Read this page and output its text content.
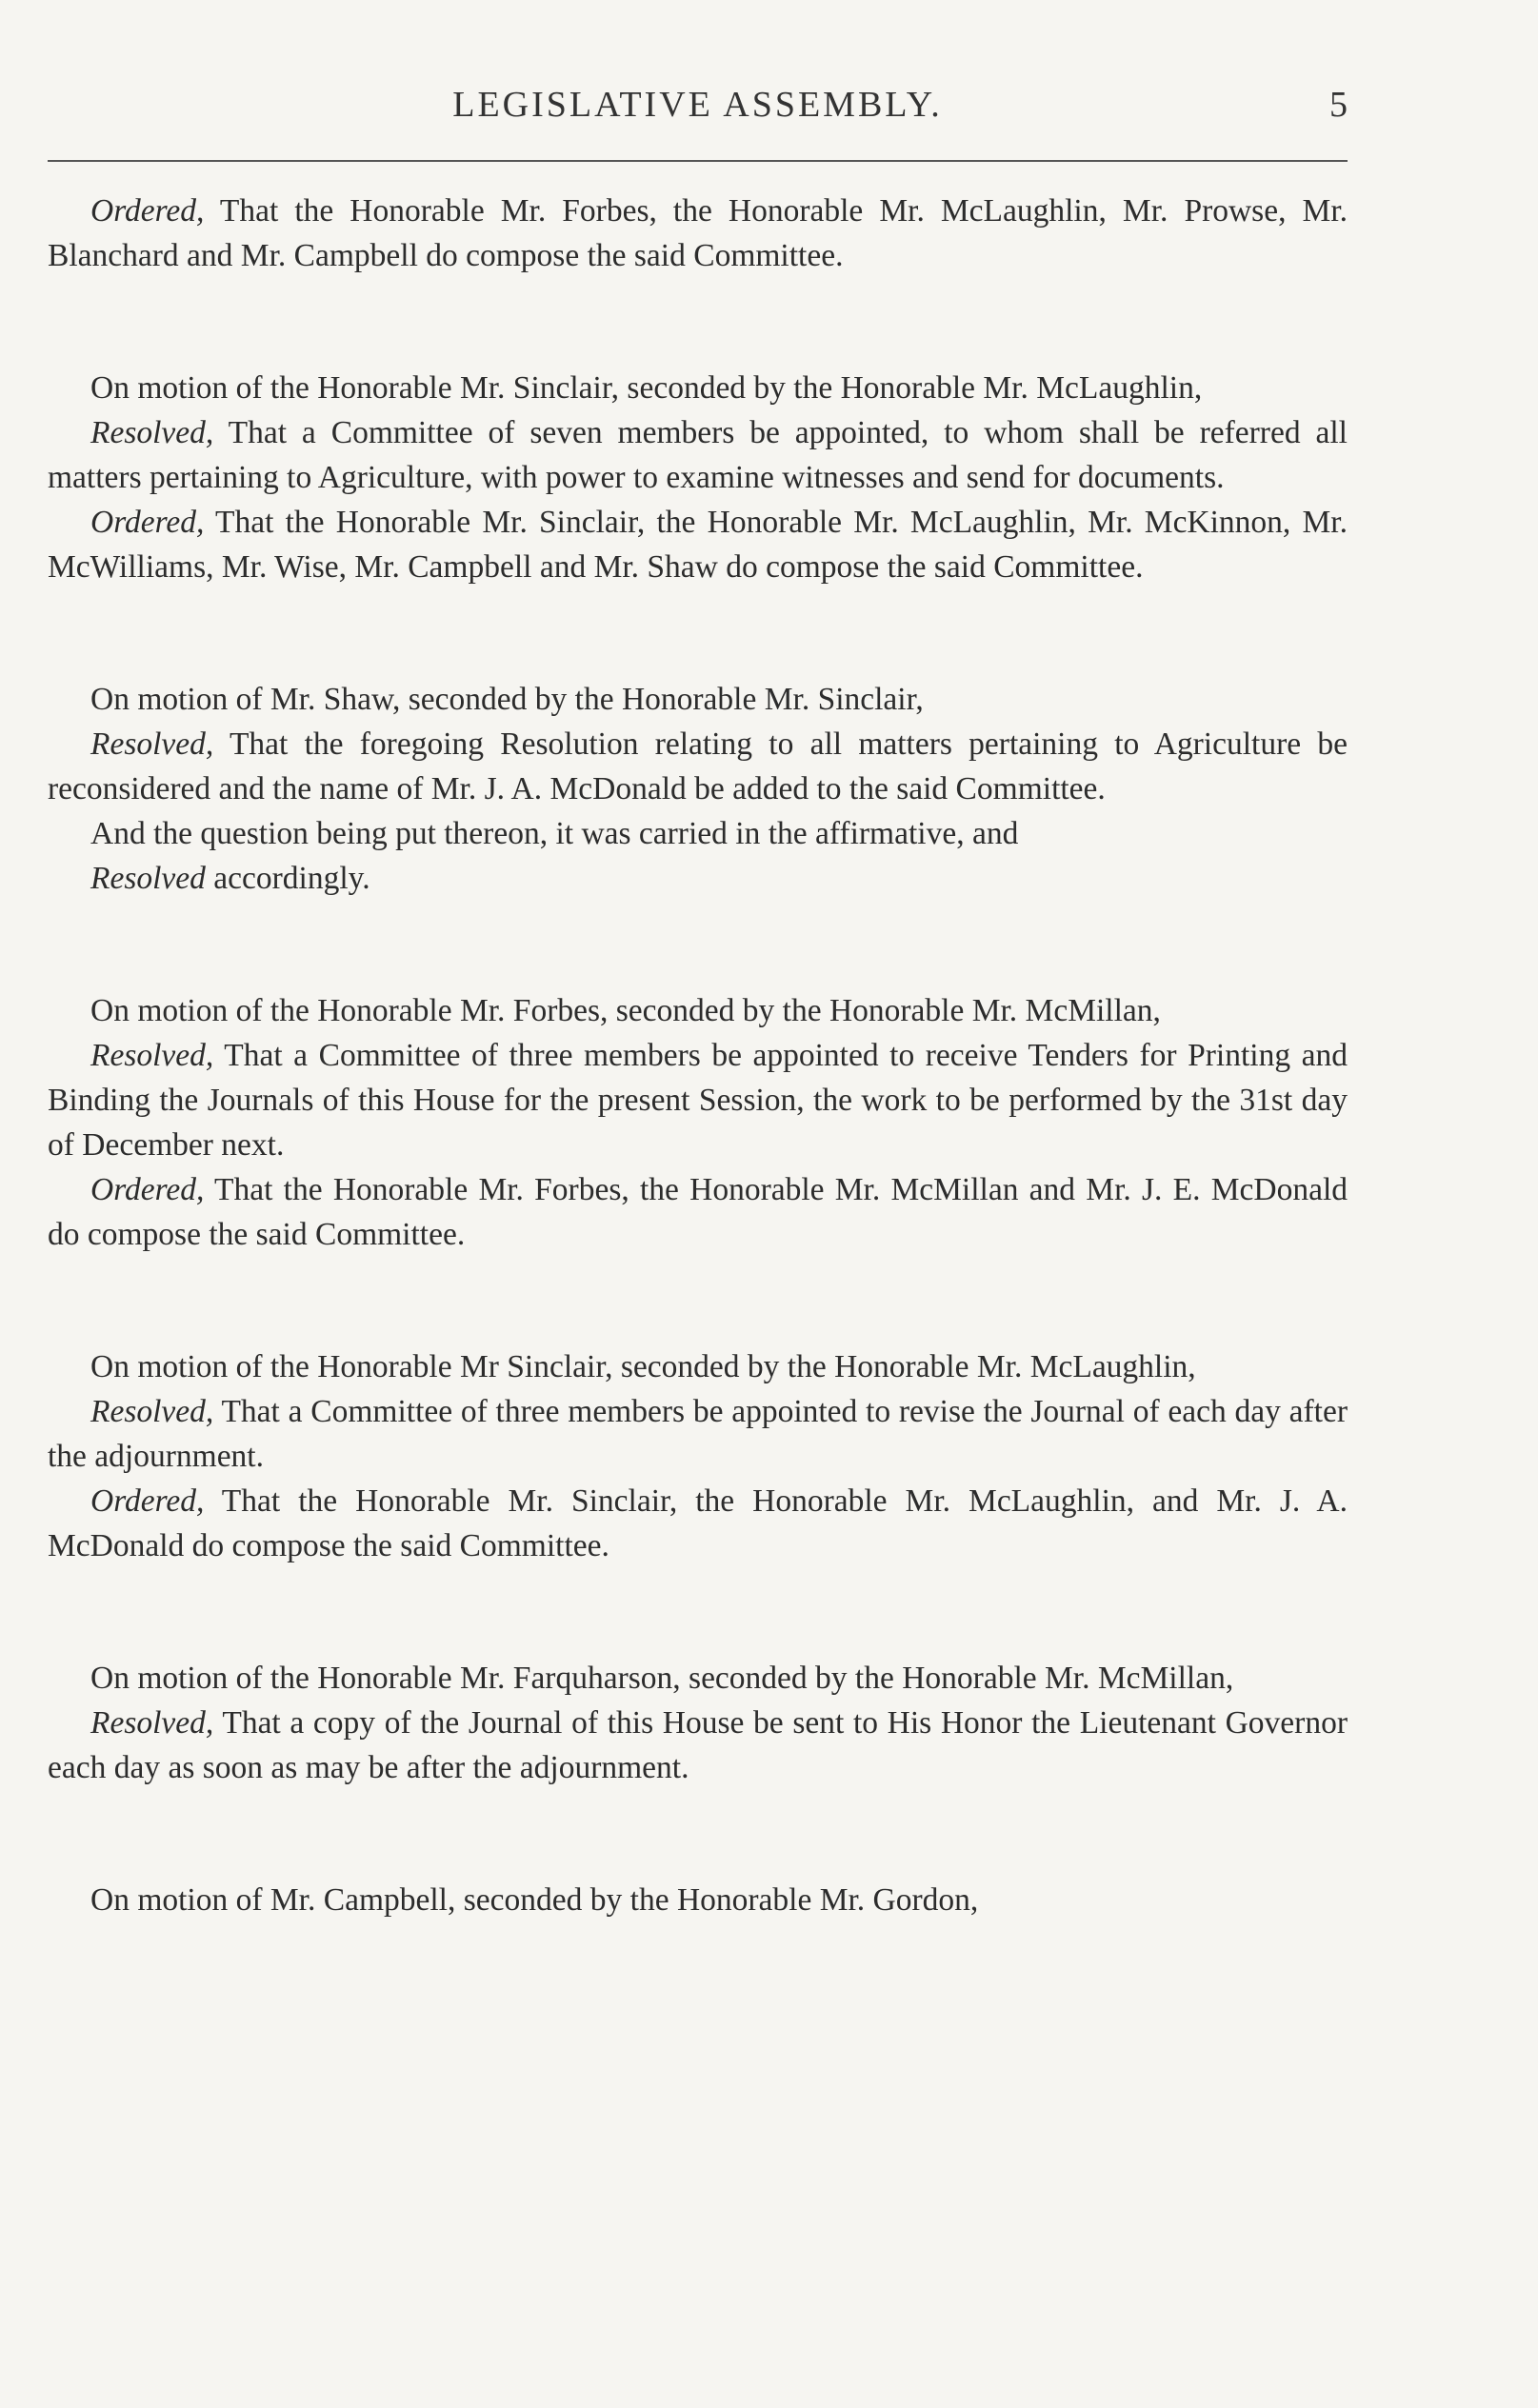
LEGISLATIVE ASSEMBLY.	5

Ordered, That the Honorable Mr. Forbes, the Honorable Mr. McLaughlin, Mr. Prowse, Mr. Blanchard and Mr. Campbell do compose the said Committee.

On motion of the Honorable Mr. Sinclair, seconded by the Honorable Mr. McLaughlin,

Resolved, That a Committee of seven members be appointed, to whom shall be referred all matters pertaining to Agriculture, with power to examine witnesses and send for documents.

Ordered, That the Honorable Mr. Sinclair, the Honorable Mr. McLaughlin, Mr. McKinnon, Mr. McWilliams, Mr. Wise, Mr. Campbell and Mr. Shaw do compose the said Committee.

On motion of Mr. Shaw, seconded by the Honorable Mr. Sinclair,

Resolved, That the foregoing Resolution relating to all matters pertaining to Agriculture be reconsidered and the name of Mr. J. A. McDonald be added to the said Committee.

And the question being put thereon, it was carried in the affirmative, and

Resolved accordingly.

On motion of the Honorable Mr. Forbes, seconded by the Honorable Mr. McMillan,

Resolved, That a Committee of three members be appointed to receive Tenders for Printing and Binding the Journals of this House for the present Session, the work to be performed by the 31st day of December next.

Ordered, That the Honorable Mr. Forbes, the Honorable Mr. McMillan and Mr. J. E. McDonald do compose the said Committee.

On motion of the Honorable Mr Sinclair, seconded by the Honorable Mr. McLaughlin,

Resolved, That a Committee of three members be appointed to revise the Journal of each day after the adjournment.

Ordered, That the Honorable Mr. Sinclair, the Honorable Mr. McLaughlin, and Mr. J. A. McDonald do compose the said Committee.

On motion of the Honorable Mr. Farquharson, seconded by the Honorable Mr. McMillan,

Resolved, That a copy of the Journal of this House be sent to His Honor the Lieutenant Governor each day as soon as may be after the adjournment.

On motion of Mr. Campbell, seconded by the Honorable Mr. Gordon,
